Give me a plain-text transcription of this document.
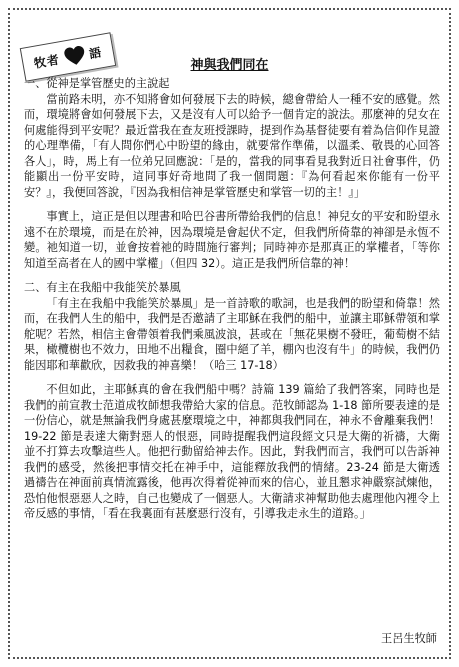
牧者 語
神與我們同在

一、從神是掌管歷史的主說起

當前路未明，亦不知將會如何發展下去的時候，總會帶給人一種不安的感覺。然而，環境將會如何發展下去，又是沒有人可以給予一個肯定的說法。那麼神的兒女在何處能得到平安呢？最近當我在查友班授課時，提到作為基督徒要有着為信仰作見證的心理準備，「有人問你們心中盼望的緣由，就要常作準備，以溫柔、敬畏的心回答各人」，時，馬上有一位弟兄回應說：「是的，當我的同事看見我對近日社會事件，仍能顯出一份平安時，這同事好奇地問了我一個問題：『為何看起來你能有一份平安？』，我便回答說，『因為我相信神是掌管歷史和掌管一切的主！』」

事實上，這正是但以理書和哈巴谷書所帶給我們的信息！神兒女的平安和盼望永遠不在於環境，而是在於神，因為環境是會起伏不定，但我們所倚靠的神卻是永恆不變。祂知道一切，並會按着祂的時間施行審判；同時神亦是那真正的掌權者，「等你知道至高者在人的國中掌權」（但四 32）。這正是我們所信靠的神！

二、有主在我船中我能笑於暴風

「有主在我船中我能笑於暴風」是一首詩歌的歌詞，也是我們的盼望和倚靠！然而，在我們人生的船中，我們是否邀請了主耶穌在我們的船中，並讓主耶穌帶領和掌舵呢？若然，相信主會帶領着我們乘風波浪，甚或在「無花果樹不發旺，葡萄樹不結果，橄欖樹也不效力，田地不出糧食，圈中絕了羊，棚內也沒有牛」的時候，我們仍能因耶和華歡欣，因救我的神喜樂！（哈三 17-18）

不但如此，主耶穌真的會在我們船中嗎？詩篇 139 篇給了我們答案，同時也是我們的前宣教士范道成牧師想我帶給大家的信息。范牧師認為 1-18 節所要表達的是一份信心，就是無論我們身處甚麼環境之中，神都與我們同在，神永不會離棄我們！19-22 節是表達大衛對惡人的恨惡，同時提醒我們這段經文只是大衛的祈禱，大衛並不打算去攻擊這些人。他把行動留給神去作。因此，對我們而言，我們可以告訴神我們的感受，然後把事情交托在神手中，這能釋放我們的情緒。23-24 節是大衛透過禱告在神面前真情流露後，他再次得着從神而來的信心，並且懇求神嚴察試煉他，恐怕他恨惡惡人之時，自己也變成了一個惡人。大衛請求神幫助他去處理他內裡令上帝反感的事情，「看在我裏面有甚麼惡行沒有，引導我走永生的道路。」

王呂生牧師
